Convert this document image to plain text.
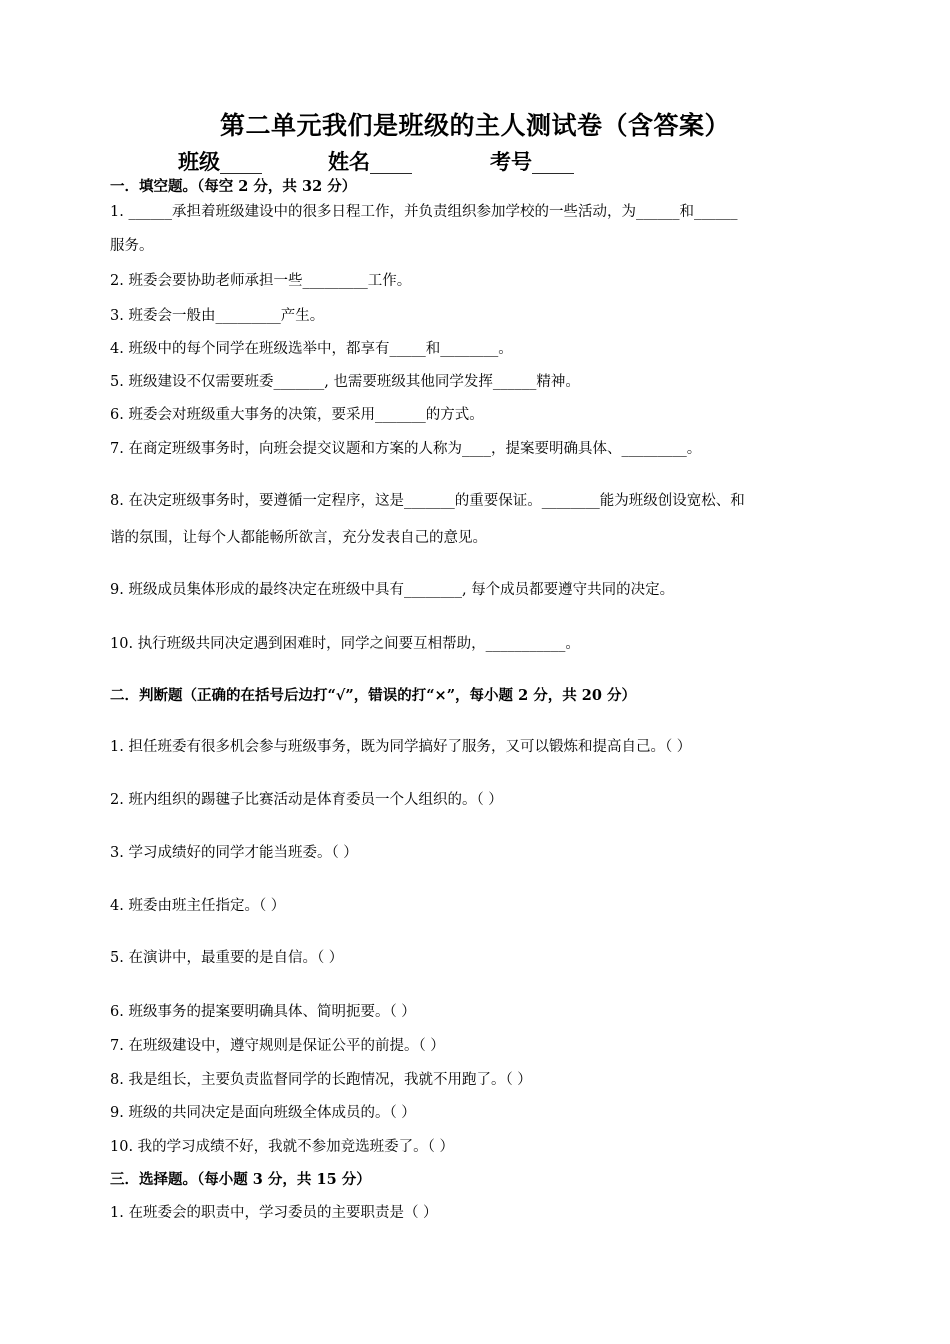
第二单元我们是班级的主人测试卷（含答案）
班级____	姓名____	考号____
一．填空题。（每空 2 分，共 32 分）
1. ______承担着班级建设中的很多日程工作，并负责组织参加学校的一些活动，为______和______
服务。
2. 班委会要协助老师承担一些_________工作。
3. 班委会一般由_________产生。
4. 班级中的每个同学在班级选举中，都享有_____和________。
5. 班级建设不仅需要班委_______, 也需要班级其他同学发挥______精神。
6. 班委会对班级重大事务的决策，要采用_______的方式。
7. 在商定班级事务时，向班会提交议题和方案的人称为____，提案要明确具体、_________。
8. 在决定班级事务时，要遵循一定程序，这是_______的重要保证。________能为班级创设宽松、和
谐的氛围，让每个人都能畅所欲言，充分发表自己的意见。
9. 班级成员集体形成的最终决定在班级中具有________, 每个成员都要遵守共同的决定。
10. 执行班级共同决定遇到困难时，同学之间要互相帮助，___________。
二．判断题（正确的在括号后边打“√”，错误的打“×”，每小题 2 分，共 20 分）
1. 担任班委有很多机会参与班级事务，既为同学搞好了服务，又可以锻炼和提高自己。（ ）
2. 班内组织的踢毽子比赛活动是体育委员一个人组织的。（ ）
3. 学习成绩好的同学才能当班委。（ ）
4. 班委由班主任指定。（ ）
5. 在演讲中，最重要的是自信。（ ）
6. 班级事务的提案要明确具体、简明扼要。（ ）
7. 在班级建设中，遵守规则是保证公平的前提。（ ）
8. 我是组长，主要负责监督同学的长跑情况，我就不用跑了。（ ）
9. 班级的共同决定是面向班级全体成员的。（ ）
10. 我的学习成绩不好，我就不参加竞选班委了。（ ）
三．选择题。（每小题 3 分，共 15 分）
1. 在班委会的职责中，学习委员的主要职责是（ ）
